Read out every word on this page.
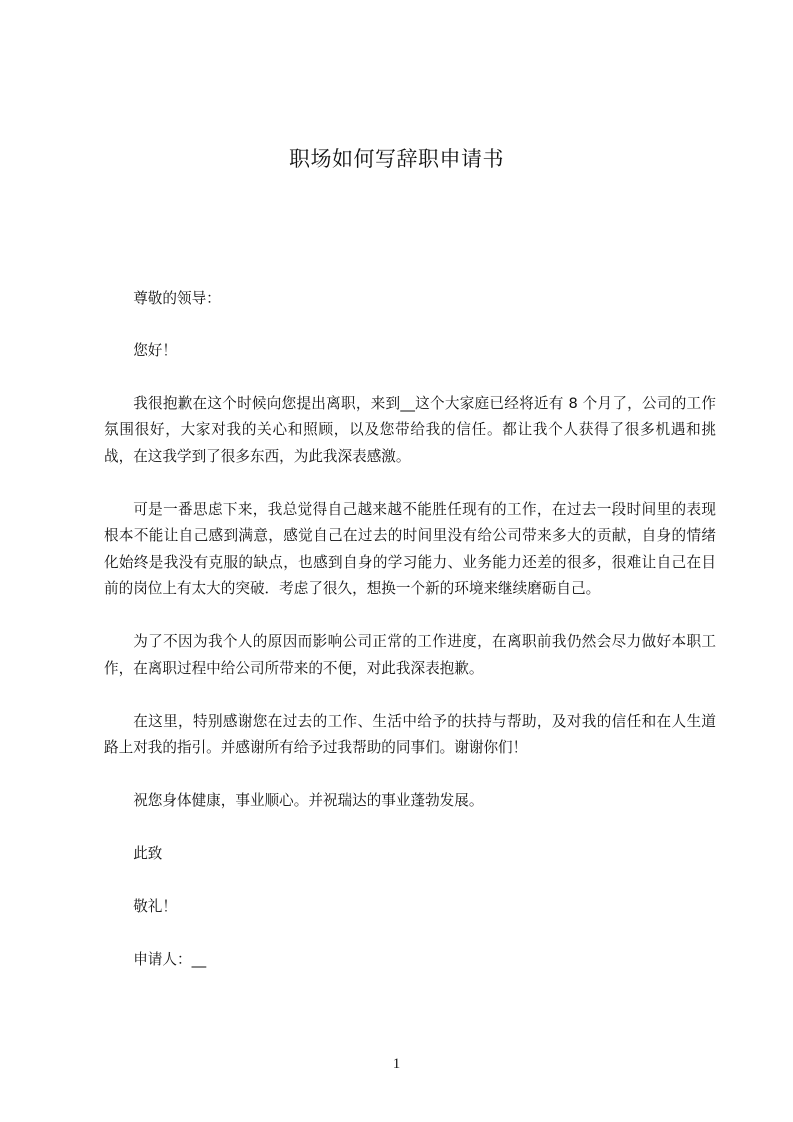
职场如何写辞职申请书

尊敬的领导：

您好！

我很抱歉在这个时候向您提出离职，来到__这个大家庭已经将近有 8 个月了，公司的工作氛围很好，大家对我的关心和照顾，以及您带给我的信任。都让我个人获得了很多机遇和挑战，在这我学到了很多东西，为此我深表感激。

可是一番思虑下来，我总觉得自己越来越不能胜任现有的工作，在过去一段时间里的表现根本不能让自己感到满意，感觉自己在过去的时间里没有给公司带来多大的贡献，自身的情绪化始终是我没有克服的缺点，也感到自身的学习能力、业务能力还差的很多，很难让自己在目前的岗位上有太大的突破．考虑了很久，想换一个新的环境来继续磨砺自己。

为了不因为我个人的原因而影响公司正常的工作进度，在离职前我仍然会尽力做好本职工作，在离职过程中给公司所带来的不便，对此我深表抱歉。

在这里，特别感谢您在过去的工作、生活中给予的扶持与帮助，及对我的信任和在人生道路上对我的指引。并感谢所有给予过我帮助的同事们。谢谢你们！

祝您身体健康，事业顺心。并祝瑞达的事业蓬勃发展。

此致

敬礼！

申请人：__

1
